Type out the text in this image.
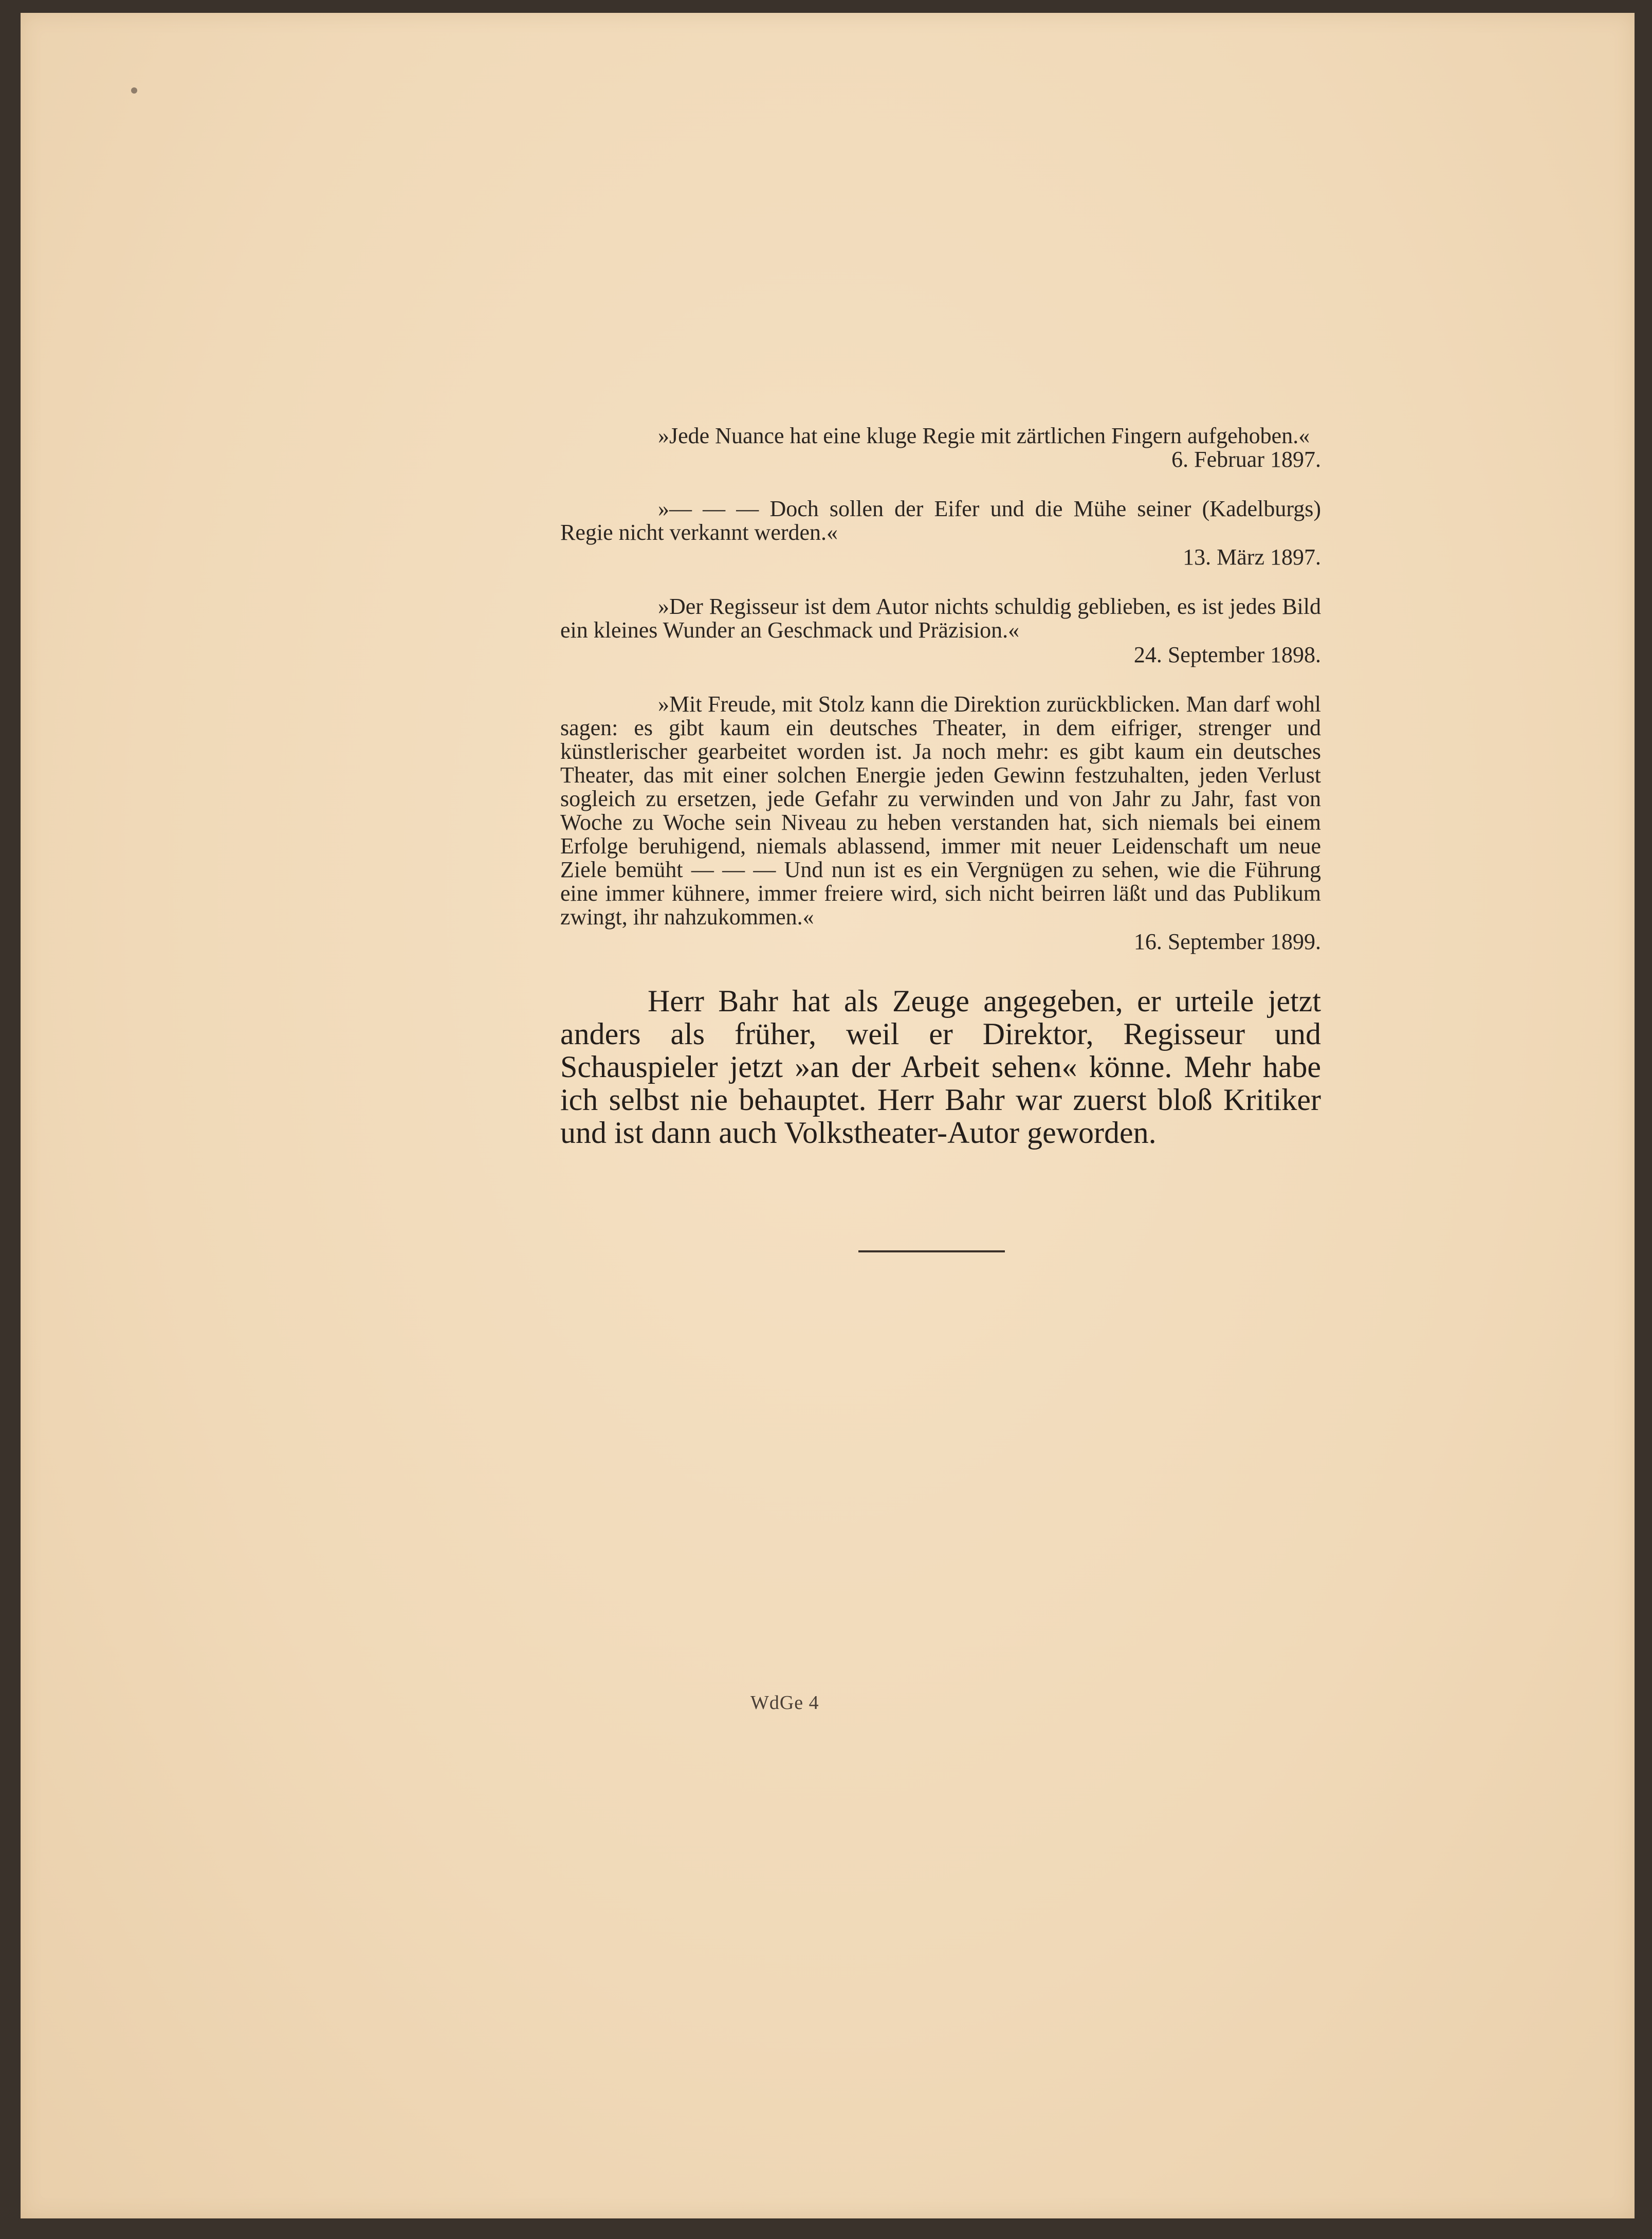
»Jede Nuance hat eine kluge Regie mit zärtlichen Fingern aufgehoben.«
6. Februar 1897.
»— — — Doch sollen der Eifer und die Mühe seiner (Kadelburgs) Regie nicht verkannt werden.«
13. März 1897.
»Der Regisseur ist dem Autor nichts schuldig geblieben, es ist jedes Bild ein kleines Wunder an Geschmack und Präzision.«
24. September 1898.
»Mit Freude, mit Stolz kann die Direktion zurückblicken. Man darf wohl sagen: es gibt kaum ein deutsches Theater, in dem eifriger, strenger und künstlerischer gearbeitet worden ist. Ja noch mehr: es gibt kaum ein deutsches Theater, das mit einer solchen Energie jeden Gewinn festzuhalten, jeden Verlust sogleich zu ersetzen, jede Gefahr zu verwinden und von Jahr zu Jahr, fast von Woche zu Woche sein Niveau zu heben verstanden hat, sich niemals bei einem Erfolge beruhigend, niemals ablassend, immer mit neuer Leidenschaft um neue Ziele bemüht — — — Und nun ist es ein Vergnügen zu sehen, wie die Führung eine immer kühnere, immer freiere wird, sich nicht beirren läßt und das Publikum zwingt, ihr nahzukommen.«
16. September 1899.
Herr Bahr hat als Zeuge angegeben, er urteile jetzt anders als früher, weil er Direktor, Regisseur und Schauspieler jetzt »an der Arbeit sehen« könne. Mehr habe ich selbst nie behauptet. Herr Bahr war zuerst bloß Kritiker und ist dann auch Volkstheater-Autor geworden.
WdGe 4
